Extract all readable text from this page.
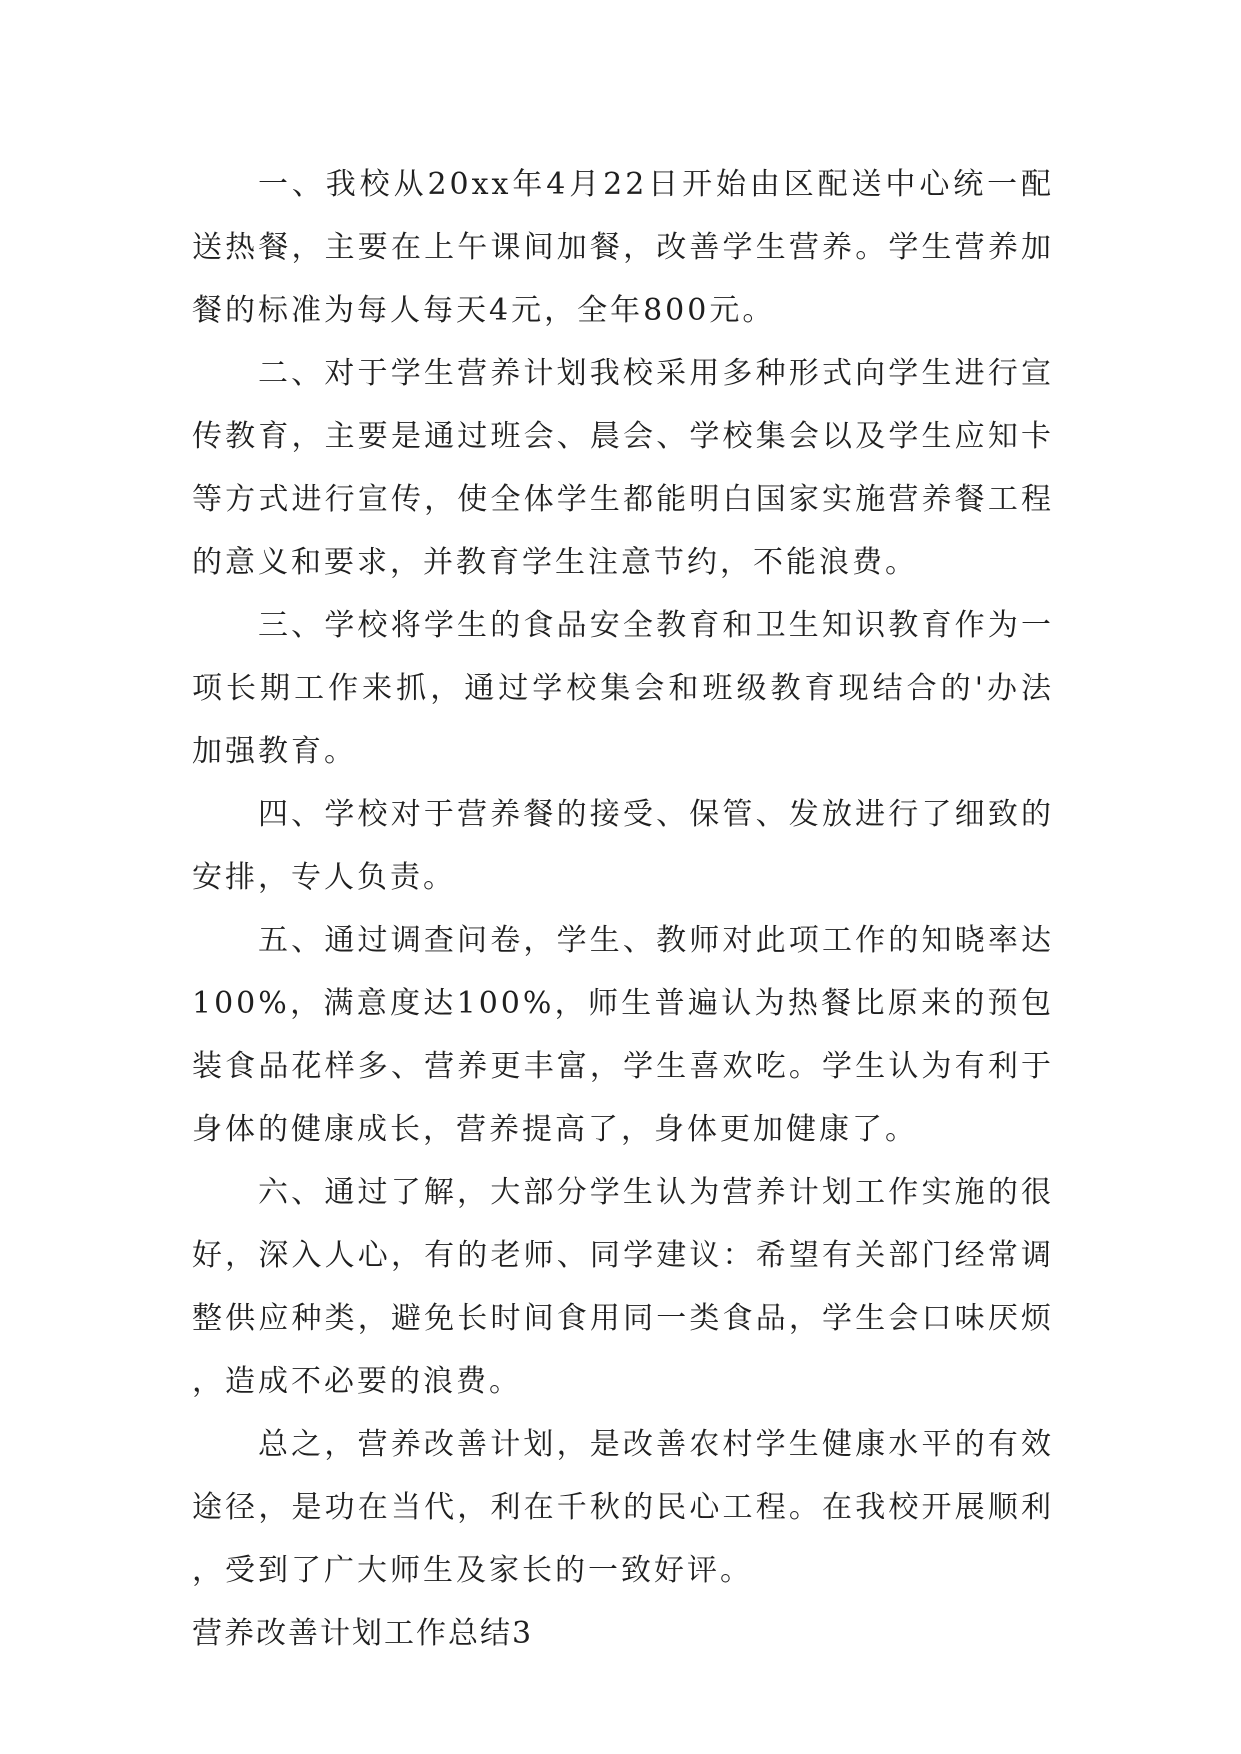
一、我校从20xx年4月22日开始由区配送中心统一配送热餐，主要在上午课间加餐，改善学生营养。学生营养加餐的标准为每人每天4元，全年800元。

二、对于学生营养计划我校采用多种形式向学生进行宣传教育，主要是通过班会、晨会、学校集会以及学生应知卡等方式进行宣传，使全体学生都能明白国家实施营养餐工程的意义和要求，并教育学生注意节约，不能浪费。

三、学校将学生的食品安全教育和卫生知识教育作为一项长期工作来抓，通过学校集会和班级教育现结合的'办法加强教育。

四、学校对于营养餐的接受、保管、发放进行了细致的安排，专人负责。

五、通过调查问卷，学生、教师对此项工作的知晓率达100%，满意度达100%，师生普遍认为热餐比原来的预包装食品花样多、营养更丰富，学生喜欢吃。学生认为有利于身体的健康成长，营养提高了，身体更加健康了。

六、通过了解，大部分学生认为营养计划工作实施的很好，深入人心，有的老师、同学建议：希望有关部门经常调整供应种类，避免长时间食用同一类食品，学生会口味厌烦，造成不必要的浪费。

总之，营养改善计划，是改善农村学生健康水平的有效途径，是功在当代，利在千秋的民心工程。在我校开展顺利，受到了广大师生及家长的一致好评。

营养改善计划工作总结3
